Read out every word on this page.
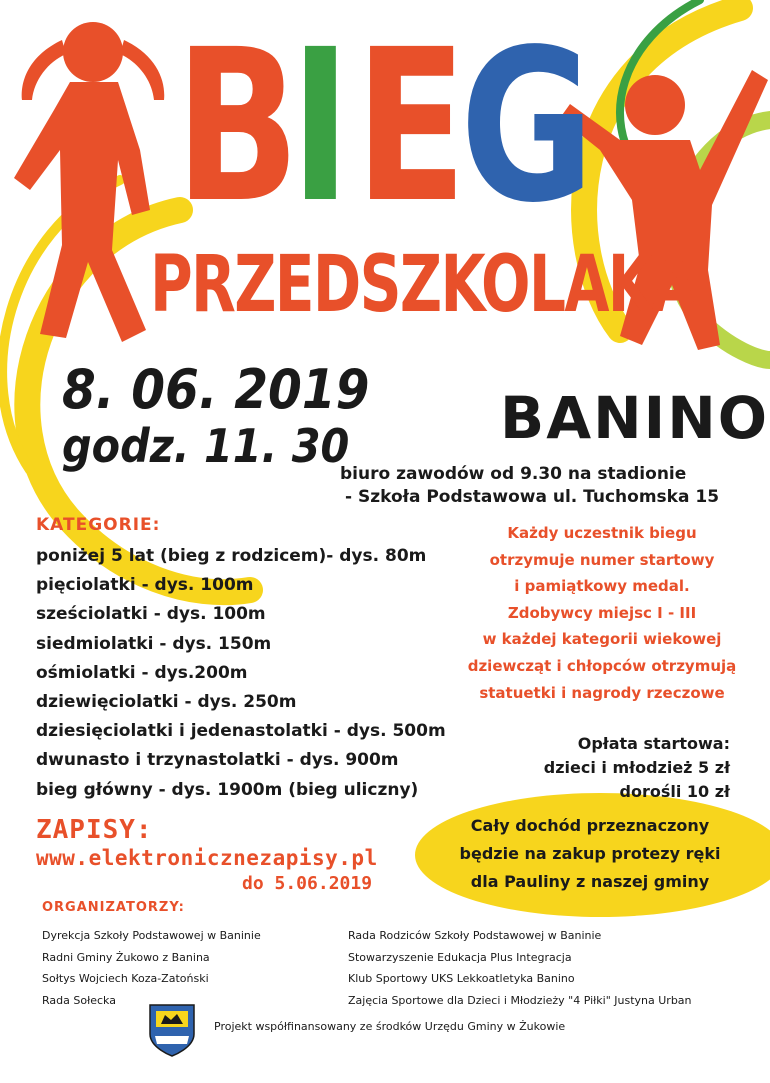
B
I E
G
PRZEDSZKOLAKA
8. 06. 2019
godz. 11. 30	BANINO
biuro zawodów od 9.30 na stadionie
- Szkoła Podstawowa ul. Tuchomska 15
KATEGORIE:
poniżej 5 lat (bieg z rodzicem)- dys. 80m
pięciolatki - dys. 100m
sześciolatki - dys. 100m
siedmiolatki - dys. 150m
ośmiolatki - dys.200m
dziewięciolatki - dys. 250m
dziesięciolatki i jedenastolatki - dys. 500m
dwunasto i trzynastolatki - dys. 900m
bieg główny - dys. 1900m (bieg uliczny)
Każdy uczestnik biegu
otrzymuje numer startowy
i pamiątkowy medal.
Zdobywcy miejsc I - III
w każdej kategorii wiekowej
dziewcząt i chłopców otrzymują
statuetki i nagrody rzeczowe
Opłata startowa:
dzieci i młodzież 5 zł
dorośli 10 zł
ZAPISY:
www.elektronicznezapisy.pl
do 5.06.2019
Cały dochód przeznaczony
będzie na zakup protezy ręki
dla Pauliny z naszej gminy
ORGANIZATORZY:
Dyrekcja Szkoły Podstawowej w Baninie
Radni Gminy Żukowo z Banina
Sołtys Wojciech Koza-Zatoński
Rada Sołecka
Rada Rodziców Szkoły Podstawowej w Baninie
Stowarzyszenie Edukacja Plus Integracja
Klub Sportowy UKS Lekkoatletyka Banino
Zajęcia Sportowe dla Dzieci i Młodzieży "4 Piłki" Justyna Urban
Projekt współfinansowany ze środków Urzędu Gminy w Żukowie
